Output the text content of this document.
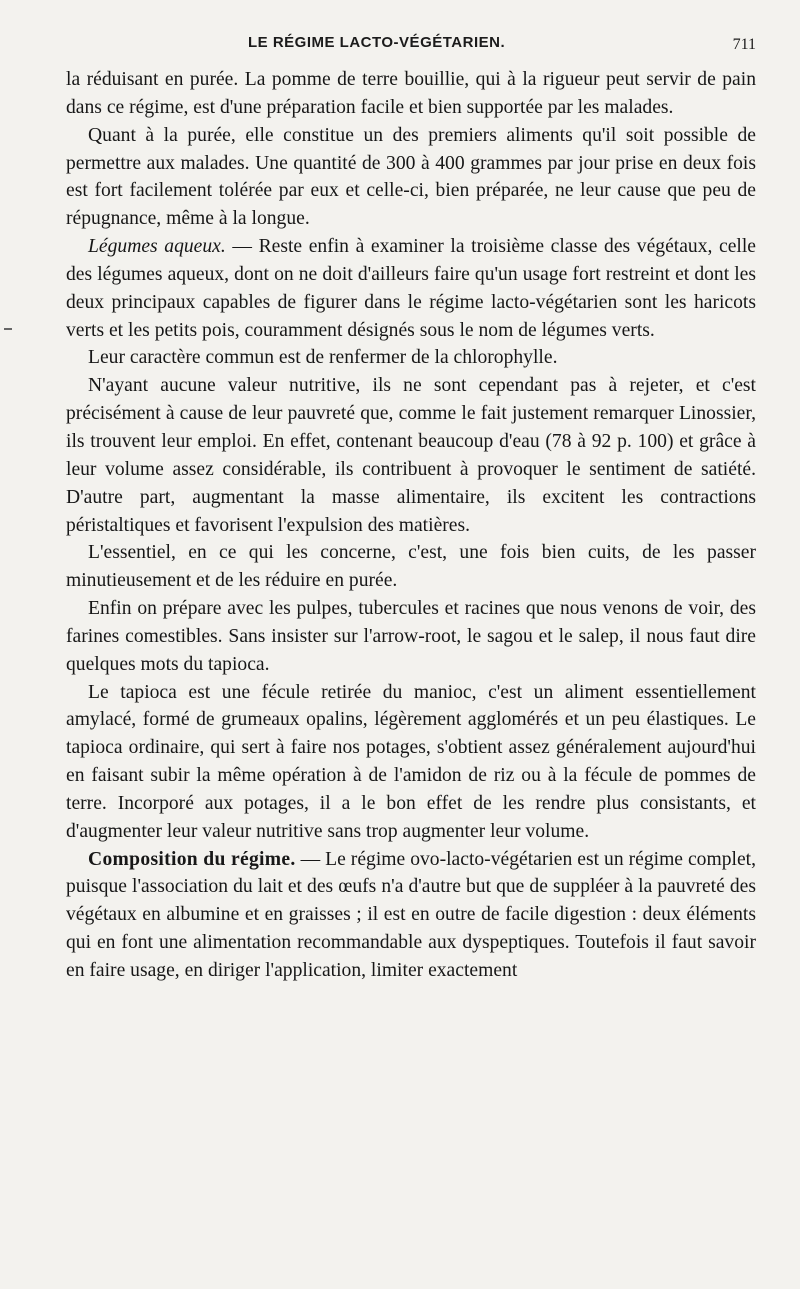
LE RÉGIME LACTO-VÉGÉTARIEN.	711

la réduisant en purée. La pomme de terre bouillie, qui à la rigueur peut servir de pain dans ce régime, est d'une préparation facile et bien supportée par les malades.

Quant à la purée, elle constitue un des premiers aliments qu'il soit possible de permettre aux malades. Une quantité de 300 à 400 grammes par jour prise en deux fois est fort facilement tolérée par eux et celle-ci, bien préparée, ne leur cause que peu de répugnance, même à la longue.

Légumes aqueux. — Reste enfin à examiner la troisième classe des végétaux, celle des légumes aqueux, dont on ne doit d'ailleurs faire qu'un usage fort restreint et dont les deux principaux capables de figurer dans le régime lacto-végétarien sont les haricots verts et les petits pois, couramment désignés sous le nom de légumes verts.

Leur caractère commun est de renfermer de la chlorophylle.

N'ayant aucune valeur nutritive, ils ne sont cependant pas à rejeter, et c'est précisément à cause de leur pauvreté que, comme le fait justement remarquer Linossier, ils trouvent leur emploi. En effet, contenant beaucoup d'eau (78 à 92 p. 100) et grâce à leur volume assez considérable, ils contribuent à provoquer le sentiment de satiété. D'autre part, augmentant la masse alimentaire, ils excitent les contractions péristaltiques et favorisent l'expulsion des matières.

L'essentiel, en ce qui les concerne, c'est, une fois bien cuits, de les passer minutieusement et de les réduire en purée.

Enfin on prépare avec les pulpes, tubercules et racines que nous venons de voir, des farines comestibles. Sans insister sur l'arrow-root, le sagou et le salep, il nous faut dire quelques mots du tapioca.

Le tapioca est une fécule retirée du manioc, c'est un aliment essentiellement amylacé, formé de grumeaux opalins, légèrement agglomérés et un peu élastiques. Le tapioca ordinaire, qui sert à faire nos potages, s'obtient assez généralement aujourd'hui en faisant subir la même opération à de l'amidon de riz ou à la fécule de pommes de terre. Incorporé aux potages, il a le bon effet de les rendre plus consistants, et d'augmenter leur valeur nutritive sans trop augmenter leur volume.

Composition du régime. — Le régime ovo-lacto-végétarien est un régime complet, puisque l'association du lait et des œufs n'a d'autre but que de suppléer à la pauvreté des végétaux en albumine et en graisses ; il est en outre de facile digestion : deux éléments qui en font une alimentation recommandable aux dyspeptiques. Toutefois il faut savoir en faire usage, en diriger l'application, limiter exactement
